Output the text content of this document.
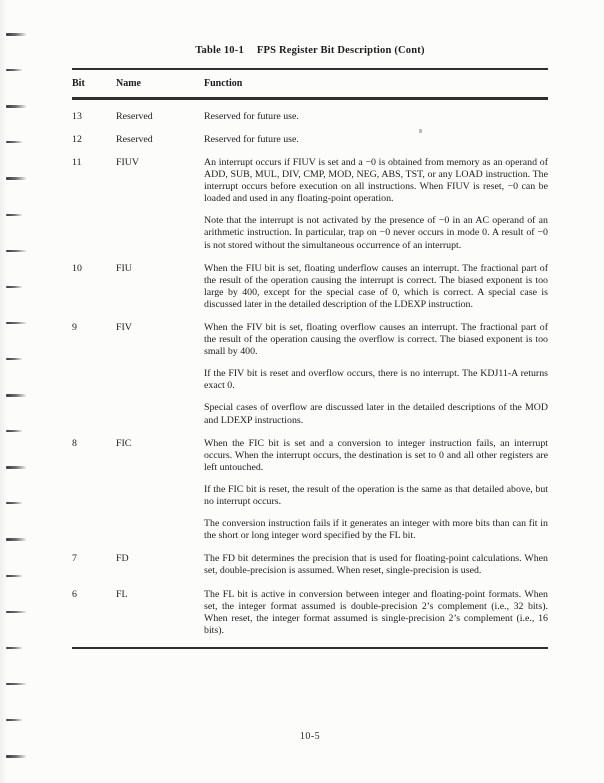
Table 10-1 FPS Register Bit Description (Cont)
Bit	Name	Function
13	Reserved	Reserved for future use.

12	Reserved	Reserved for future use.

11	FIUV	An interrupt occurs if FIUV is set and a −0 is obtained from memory as an operand of ADD, SUB, MUL, DIV, CMP, MOD, NEG, ABS, TST, or any LOAD instruction. The interrupt occurs before execution on all instructions. When FIUV is reset, −0 can be loaded and used in any floating-point operation.

Note that the interrupt is not activated by the presence of −0 in an AC operand of an arithmetic instruction. In particular, trap on −0 never occurs in mode 0. A result of −0 is not stored without the simultaneous occurrence of an interrupt.

10	FIU	When the FIU bit is set, floating underflow causes an interrupt. The fractional part of the result of the operation causing the interrupt is correct. The biased exponent is too large by 400, except for the special case of 0, which is correct. A special case is discussed later in the detailed description of the LDEXP instruction.

9	FIV	When the FIV bit is set, floating overflow causes an interrupt. The fractional part of the result of the operation causing the overflow is correct. The biased exponent is too small by 400.

If the FIV bit is reset and overflow occurs, there is no interrupt. The KDJ11-A returns exact 0.

Special cases of overflow are discussed later in the detailed descriptions of the MOD and LDEXP instructions.

8	FIC	When the FIC bit is set and a conversion to integer instruction fails, an interrupt occurs. When the interrupt occurs, the destination is set to 0 and all other registers are left untouched.

If the FIC bit is reset, the result of the operation is the same as that detailed above, but no interrupt occurs.

The conversion instruction fails if it generates an integer with more bits than can fit in the short or long integer word specified by the FL bit.

7	FD	The FD bit determines the precision that is used for floating-point calculations. When set, double-precision is assumed. When reset, single-precision is used.

6	FL	The FL bit is active in conversion between integer and floating-point formats. When set, the integer format assumed is double-precision 2’s complement (i.e., 32 bits). When reset, the integer format assumed is single-precision 2’s complement (i.e., 16 bits).

10-5
